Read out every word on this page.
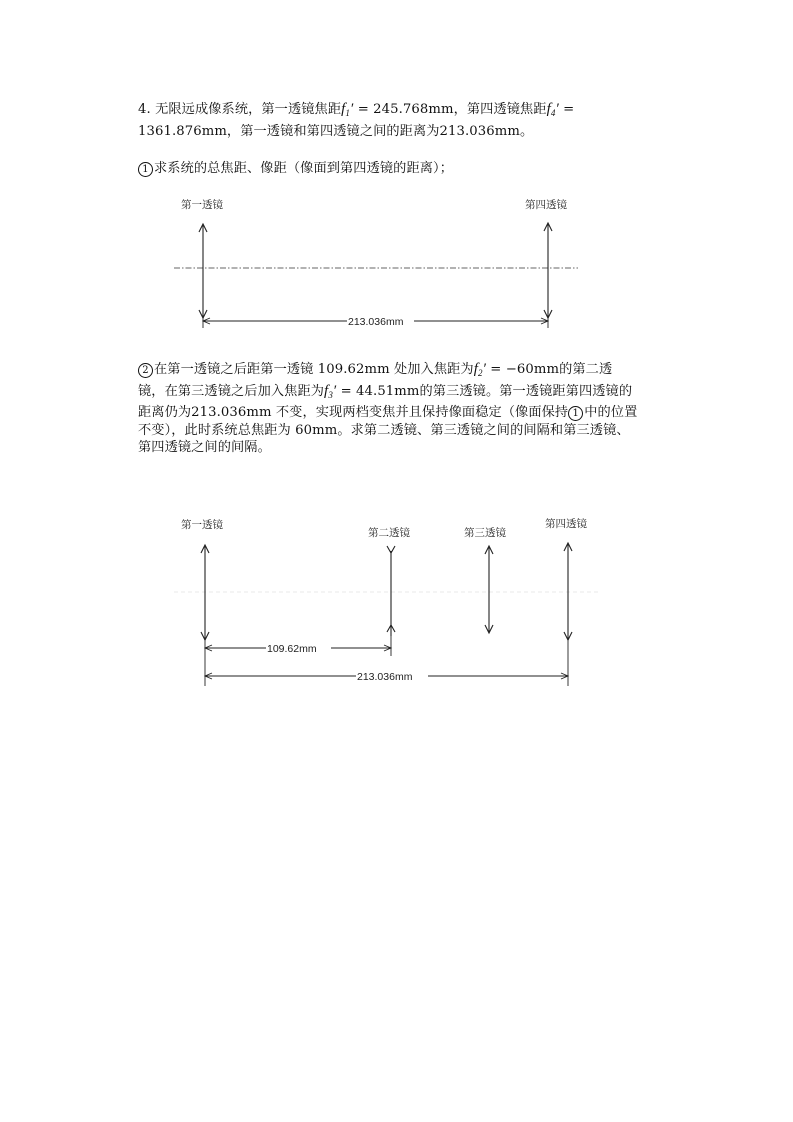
4. 无限远成像系统，第一透镜焦距$f_1' = 245.768mm$，第四透镜焦距$f_4' = 1361.876mm$，第一透镜和第四透镜之间的距离为213.036mm。
1 求系统的总焦距、像距（像面到第四透镜的距离）；
第一透镜	第四透镜
213.036mm
2 在第一透镜之后距第一透镜 109.62mm 处加入焦距为$f_2' = -60mm$的第二透镜，在第三透镜之后加入焦距为$f_3' = 44.51mm$的第三透镜。第一透镜距第四透镜的距离仍为213.036mm 不变，实现两档变焦并且保持像面稳定（像面保持 1 中的位置不变），此时系统总焦距为 60mm。求第二透镜、第三透镜之间的间隔和第三透镜、第四透镜之间的间隔。
第一透镜
第二透镜	第三透镜
第四透镜
109.62mm
213.036mm
